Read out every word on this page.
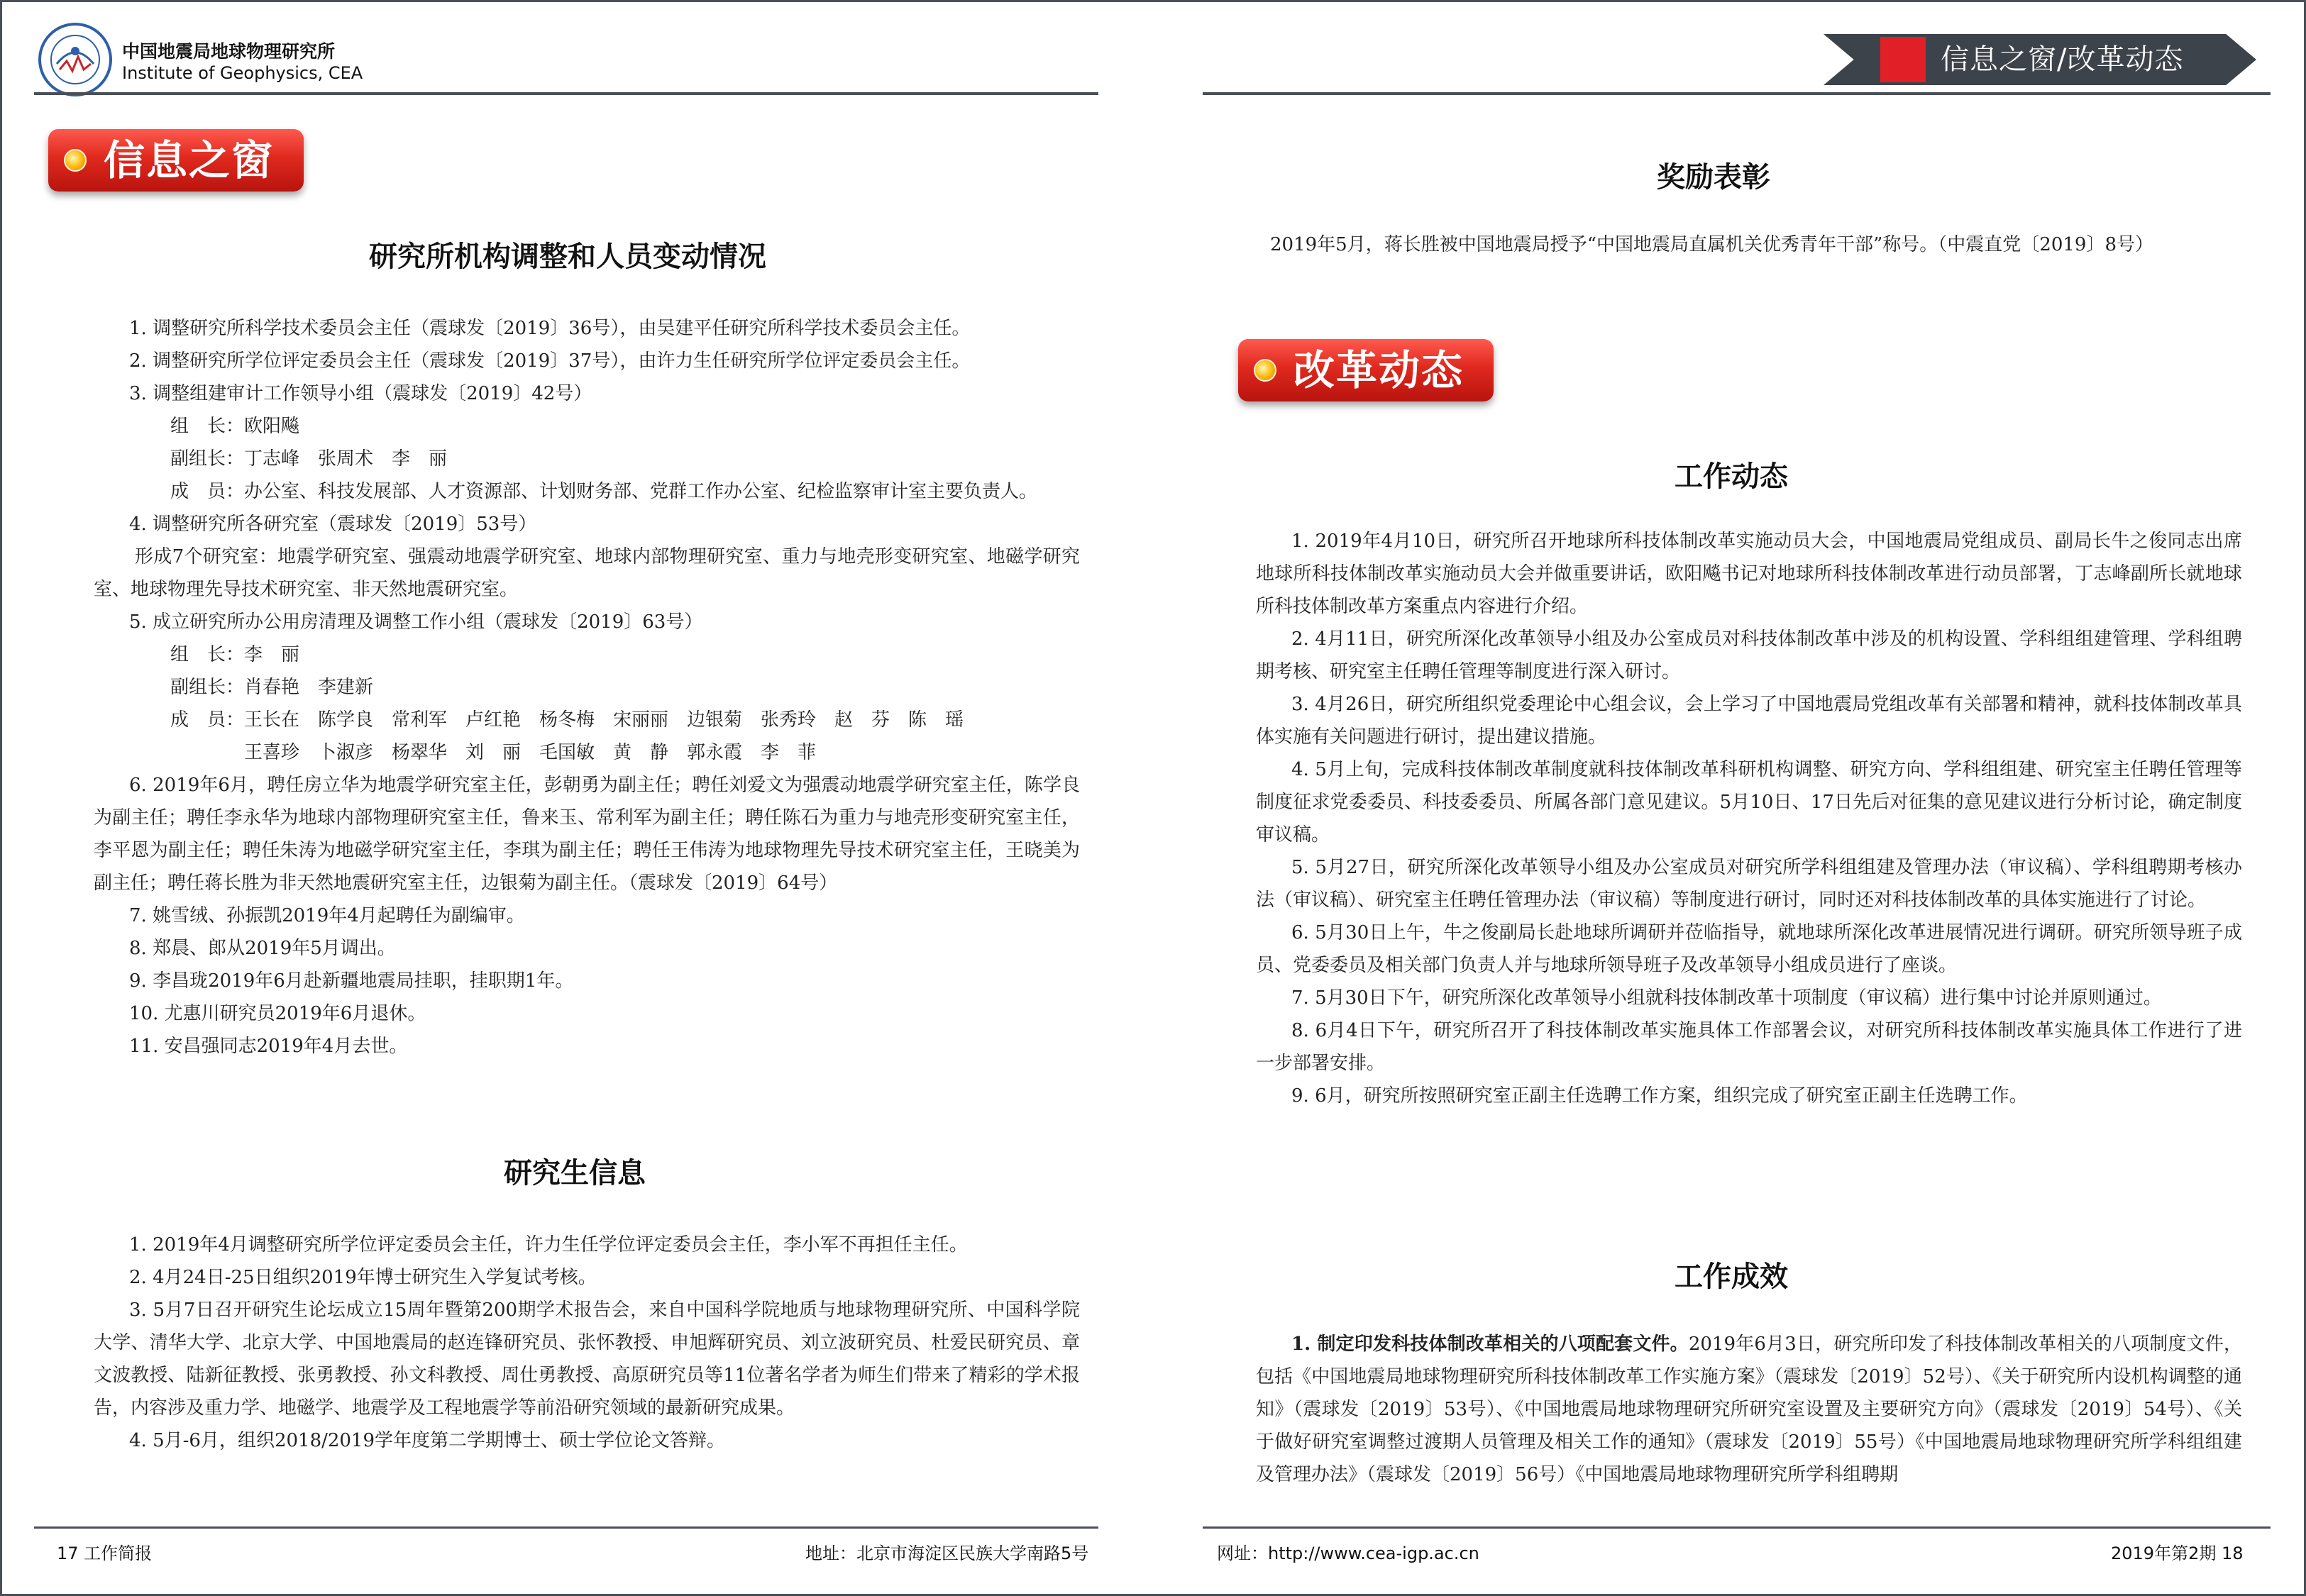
中国地震局地球物理研究所
Institute of Geophysics, CEA
信息之窗
研究所机构调整和人员变动情况
1. 调整研究所科学技术委员会主任（震球发〔2019〕36号），由吴建平任研究所科学技术委员会主任。
2. 调整研究所学位评定委员会主任（震球发〔2019〕37号），由许力生任研究所学位评定委员会主任。
3. 调整组建审计工作领导小组（震球发〔2019〕42号）
组　长：欧阳飚
副组长：丁志峰　张周术　李　丽
成　员：办公室、科技发展部、人才资源部、计划财务部、党群工作办公室、纪检监察审计室主要负责人。
4. 调整研究所各研究室（震球发〔2019〕53号）
形成7个研究室：地震学研究室、强震动地震学研究室、地球内部物理研究室、重力与地壳形变研究室、地磁学研究室、地球物理先导技术研究室、非天然地震研究室。
5. 成立研究所办公用房清理及调整工作小组（震球发〔2019〕63号）
组　长：李　丽
副组长：肖春艳　李建新
成　员：王长在　陈学良　常利军　卢红艳　杨冬梅　宋丽丽　边银菊　张秀玲　赵　芬　陈　瑶
王喜珍　卜淑彦　杨翠华　刘　丽　毛国敏　黄　静　郭永霞　李　菲
6. 2019年6月，聘任房立华为地震学研究室主任，彭朝勇为副主任；聘任刘爱文为强震动地震学研究室主任，陈学良为副主任；聘任李永华为地球内部物理研究室主任，鲁来玉、常利军为副主任；聘任陈石为重力与地壳形变研究室主任，李平恩为副主任；聘任朱涛为地磁学研究室主任，李琪为副主任；聘任王伟涛为地球物理先导技术研究室主任，王晓美为副主任；聘任蒋长胜为非天然地震研究室主任，边银菊为副主任。（震球发〔2019〕64号）
7. 姚雪绒、孙振凯2019年4月起聘任为副编审。
8. 郑晨、郎从2019年5月调出。
9. 李昌珑2019年6月赴新疆地震局挂职，挂职期1年。
10. 尤惠川研究员2019年6月退休。
11. 安昌强同志2019年4月去世。
研究生信息
1. 2019年4月调整研究所学位评定委员会主任，许力生任学位评定委员会主任，李小军不再担任主任。
2. 4月24日-25日组织2019年博士研究生入学复试考核。
3. 5月7日召开研究生论坛成立15周年暨第200期学术报告会，来自中国科学院地质与地球物理研究所、中国科学院大学、清华大学、北京大学、中国地震局的赵连锋研究员、张怀教授、申旭辉研究员、刘立波研究员、杜爱民研究员、章文波教授、陆新征教授、张勇教授、孙文科教授、周仕勇教授、高原研究员等11位著名学者为师生们带来了精彩的学术报告，内容涉及重力学、地磁学、地震学及工程地震学等前沿研究领域的最新研究成果。
4. 5月-6月，组织2018/2019学年度第二学期博士、硕士学位论文答辩。
17 工作简报	地址：北京市海淀区民族大学南路5号
信息之窗/改革动态
奖励表彰
2019年5月，蒋长胜被中国地震局授予“中国地震局直属机关优秀青年干部”称号。（中震直党〔2019〕8号）
改革动态
工作动态
1. 2019年4月10日，研究所召开地球所科技体制改革实施动员大会，中国地震局党组成员、副局长牛之俊同志出席地球所科技体制改革实施动员大会并做重要讲话，欧阳飚书记对地球所科技体制改革进行动员部署，丁志峰副所长就地球所科技体制改革方案重点内容进行介绍。
2. 4月11日，研究所深化改革领导小组及办公室成员对科技体制改革中涉及的机构设置、学科组组建管理、学科组聘期考核、研究室主任聘任管理等制度进行深入研讨。
3. 4月26日，研究所组织党委理论中心组会议，会上学习了中国地震局党组改革有关部署和精神，就科技体制改革具体实施有关问题进行研讨，提出建议措施。
4. 5月上旬，完成科技体制改革制度就科技体制改革科研机构调整、研究方向、学科组组建、研究室主任聘任管理等制度征求党委委员、科技委委员、所属各部门意见建议。5月10日、17日先后对征集的意见建议进行分析讨论，确定制度审议稿。
5. 5月27日，研究所深化改革领导小组及办公室成员对研究所学科组组建及管理办法（审议稿）、学科组聘期考核办法（审议稿）、研究室主任聘任管理办法（审议稿）等制度进行研讨，同时还对科技体制改革的具体实施进行了讨论。
6. 5月30日上午，牛之俊副局长赴地球所调研并莅临指导，就地球所深化改革进展情况进行调研。研究所领导班子成员、党委委员及相关部门负责人并与地球所领导班子及改革领导小组成员进行了座谈。
7. 5月30日下午，研究所深化改革领导小组就科技体制改革十项制度（审议稿）进行集中讨论并原则通过。
8. 6月4日下午，研究所召开了科技体制改革实施具体工作部署会议，对研究所科技体制改革实施具体工作进行了进一步部署安排。
9. 6月，研究所按照研究室正副主任选聘工作方案，组织完成了研究室正副主任选聘工作。
工作成效
1. 制定印发科技体制改革相关的八项配套文件。2019年6月3日，研究所印发了科技体制改革相关的八项制度文件，包括《中国地震局地球物理研究所科技体制改革工作实施方案》（震球发〔2019〕52号）、《关于研究所内设机构调整的通知》（震球发〔2019〕53号）、《中国地震局地球物理研究所研究室设置及主要研究方向》（震球发〔2019〕54号）、《关于做好研究室调整过渡期人员管理及相关工作的通知》（震球发〔2019〕55号）《中国地震局地球物理研究所学科组组建及管理办法》（震球发〔2019〕56号）《中国地震局地球物理研究所学科组聘期
网址：http://www.cea-igp.ac.cn	2019年第2期 18
